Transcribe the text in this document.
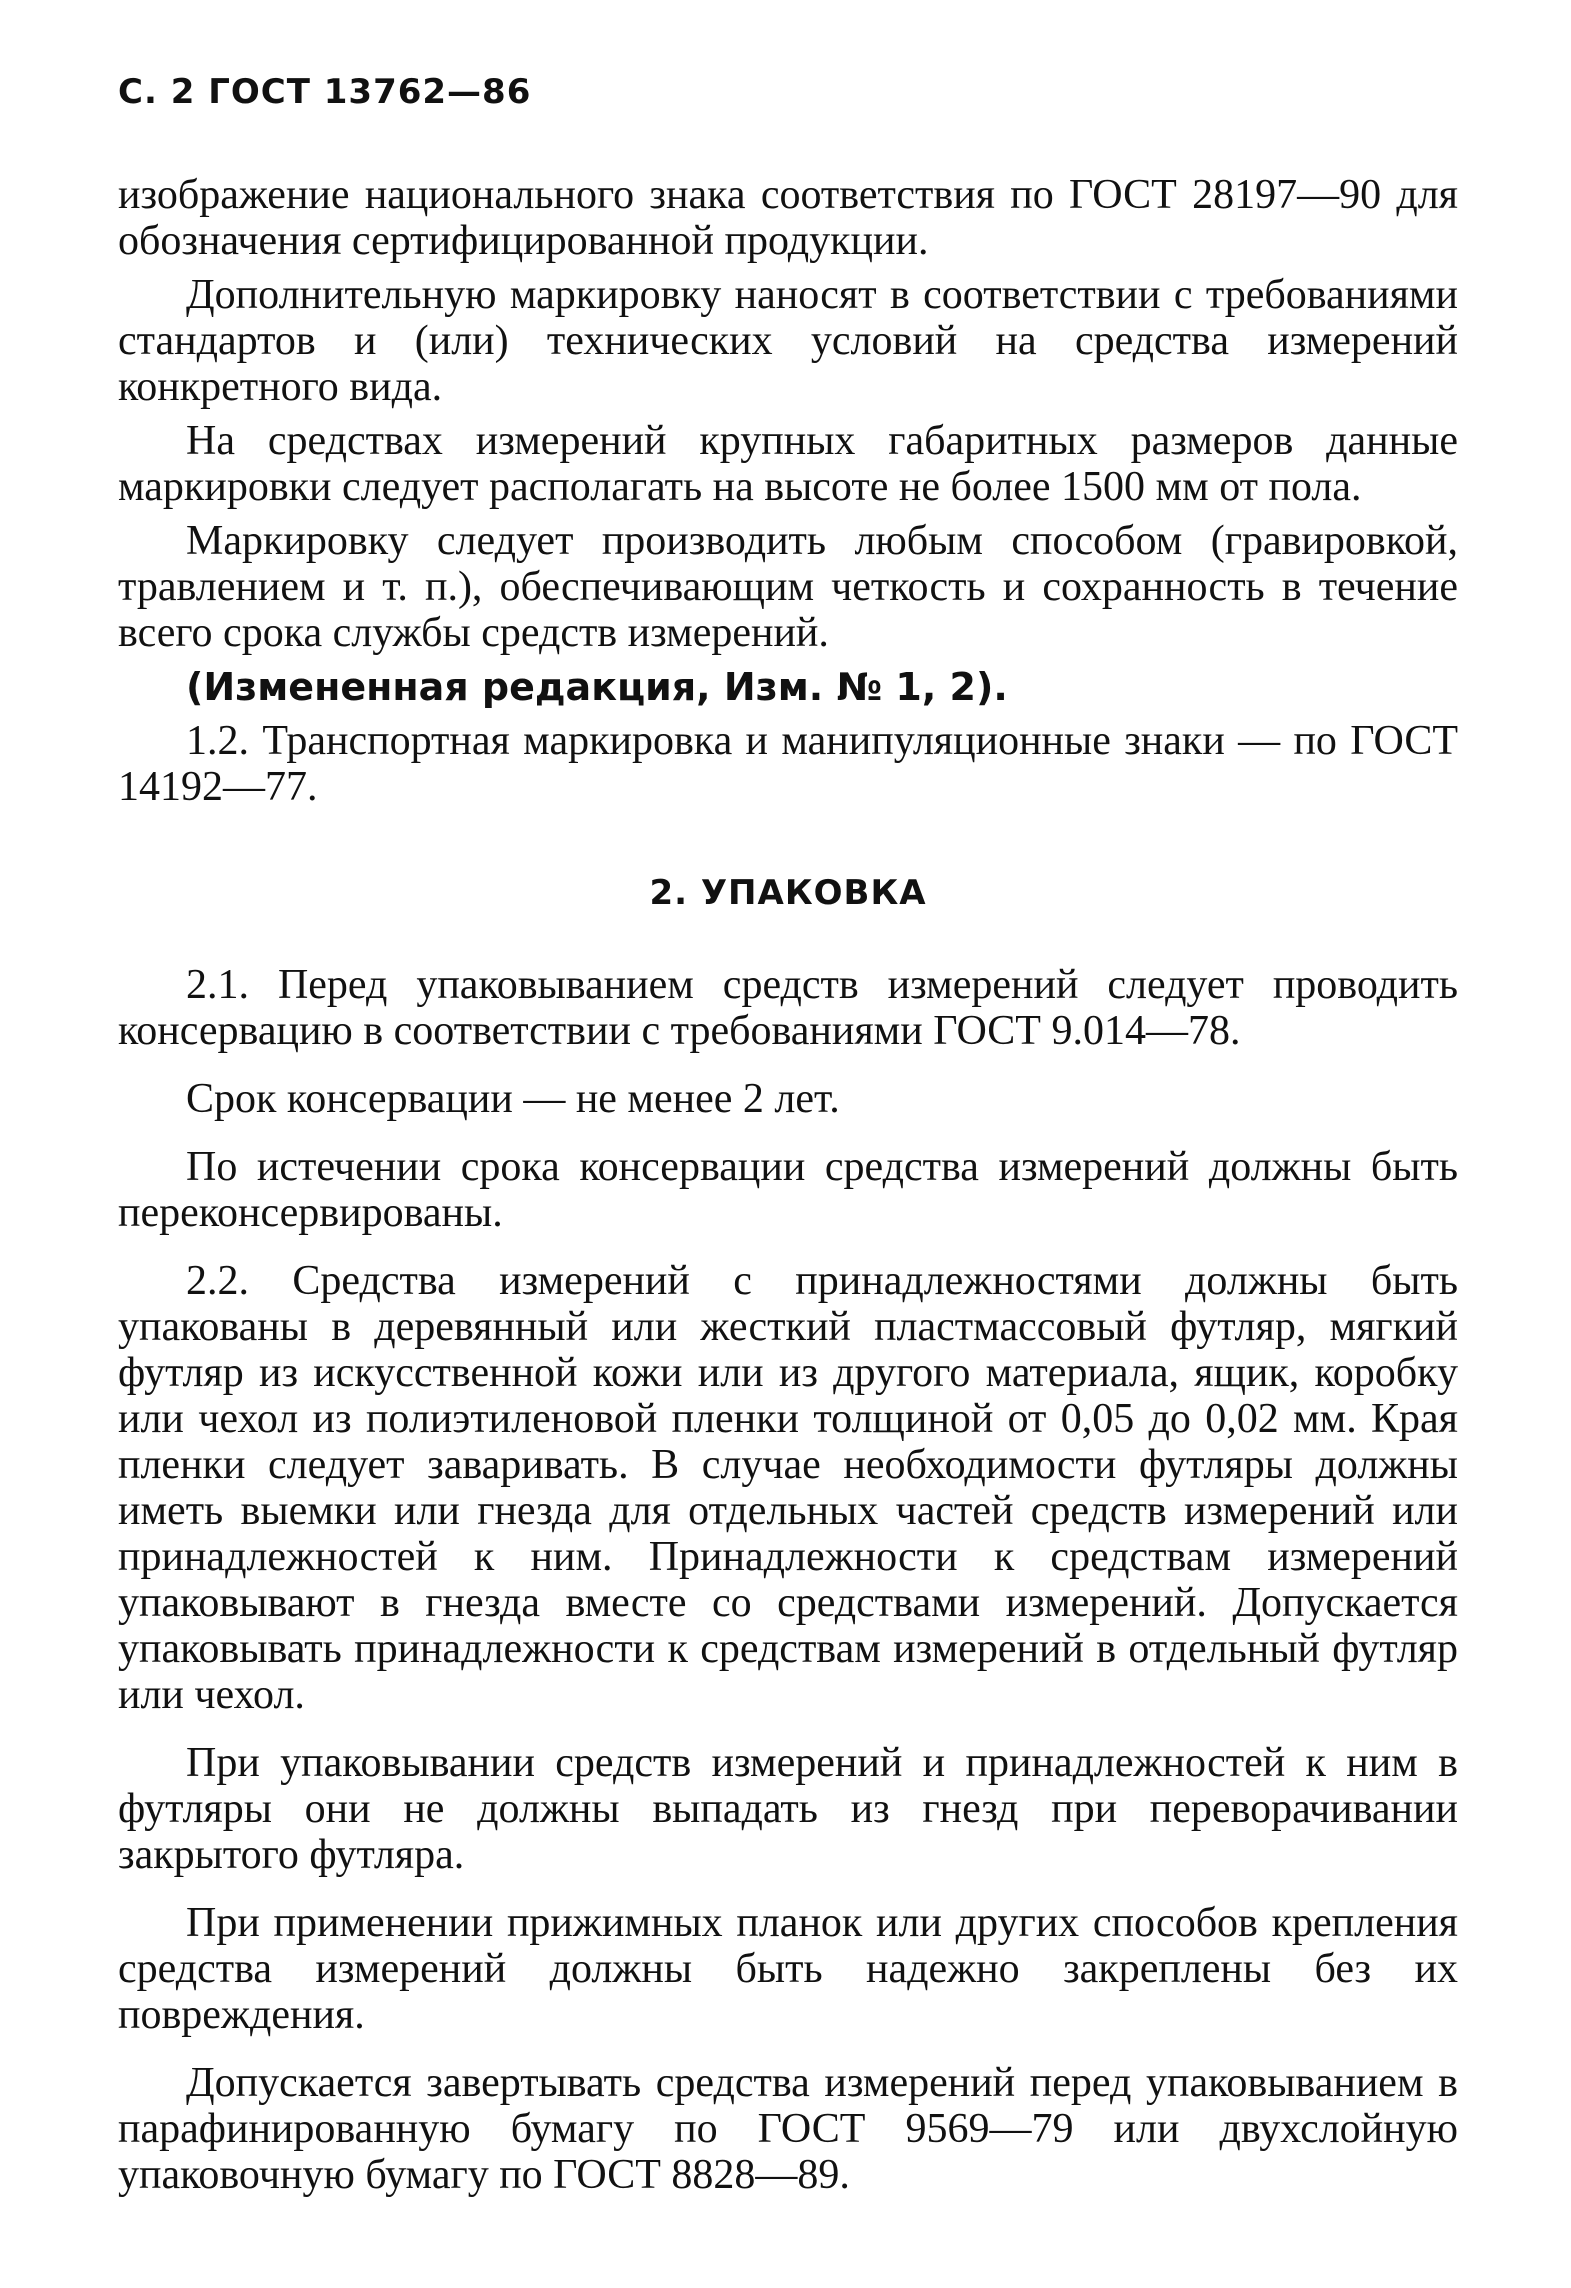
С. 2 ГОСТ 13762—86

изображение национального знака соответствия по ГОСТ 28197—90 для обозначения сертифицированной продукции.

Дополнительную маркировку наносят в соответствии с требованиями стандартов и (или) технических условий на средства измерений конкретного вида.

На средствах измерений крупных габаритных размеров данные маркировки следует располагать на высоте не более 1500 мм от пола.

Маркировку следует производить любым способом (гравировкой, травлением и т. п.), обеспечивающим четкость и сохранность в течение всего срока службы средств измерений.

(Измененная редакция, Изм. № 1, 2).

1.2. Транспортная маркировка и манипуляционные знаки — по ГОСТ 14192—77.

2. УПАКОВКА

2.1. Перед упаковыванием средств измерений следует проводить консервацию в соответствии с требованиями ГОСТ 9.014—78.

Срок консервации — не менее 2 лет.

По истечении срока консервации средства измерений должны быть переконсервированы.

2.2. Средства измерений с принадлежностями должны быть упакованы в деревянный или жесткий пластмассовый футляр, мягкий футляр из искусственной кожи или из другого материала, ящик, коробку или чехол из полиэтиленовой пленки толщиной от 0,05 до 0,02 мм. Края пленки следует заваривать. В случае необходимости футляры должны иметь выемки или гнезда для отдельных частей средств измерений или принадлежностей к ним. Принадлежности к средствам измерений упаковывают в гнезда вместе со средствами измерений. Допускается упаковывать принадлежности к средствам измерений в отдельный футляр или чехол.

При упаковывании средств измерений и принадлежностей к ним в футляры они не должны выпадать из гнезд при переворачивании закрытого футляра.

При применении прижимных планок или других способов крепления средства измерений должны быть надежно закреплены без их повреждения.

Допускается завертывать средства измерений перед упаковыванием в парафинированную бумагу по ГОСТ 9569—79 или двухслойную упаковочную бумагу по ГОСТ 8828—89.
